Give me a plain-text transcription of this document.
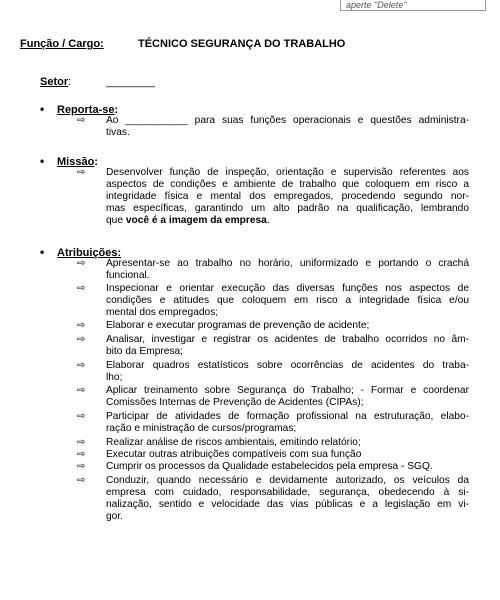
aperte "Delete"
Função / Cargo:	TÉCNICO SEGURANÇA DO TRABALHO
Setor:	________
• Reporta-se:
⇨ Ao ___________ para suas funções operacionais e questões administra-
tivas.
• Missão:
⇨ Desenvolver função de inspeção, orientação e supervisão referentes aos
aspectos de condições e ambiente de trabalho que coloquem em risco a
integridade física e mental dos empregados, procedendo segundo nor-
mas específicas, garantindo um alto padrão na qualificação, lembrando
que você é a imagem da empresa.
• Atribuições:
⇨ Apresentar-se ao trabalho no horário, uniformizado e portando o crachá
funcional.
⇨ Inspecionar e orientar execução das diversas funções nos aspectos de
condições e atitudes que coloquem em risco a integridade física e/ou
mental dos empregados;
⇨ Elaborar e executar programas de prevenção de acidente;
⇨ Analisar, investigar e registrar os acidentes de trabalho ocorridos no âm-
bito da Empresa;
⇨ Elaborar quadros estatísticos sobre ocorrências de acidentes do traba-
lho;
⇨ Aplicar treinamento sobre Segurança do Trabalho; - Formar e coordenar
Comissões Internas de Prevenção de Acidentes (CIPAs);
⇨ Participar de atividades de formação profissional na estruturação, elabo-
ração e ministração de cursos/programas;
⇨ Realizar análise de riscos ambientais, emitindo relatório;
⇨ Executar outras atribuições compatíveis com sua função
⇨ Cumprir os processos da Qualidade estabelecidos pela empresa - SGQ.
⇨ Conduzir, quando necessário e devidamente autorizado, os veículos da
empresa com cuidado, responsabilidade, segurança, obedecendo à si-
nalização, sentido e velocidade das vias públicas e a legislação em vi-
gor.
